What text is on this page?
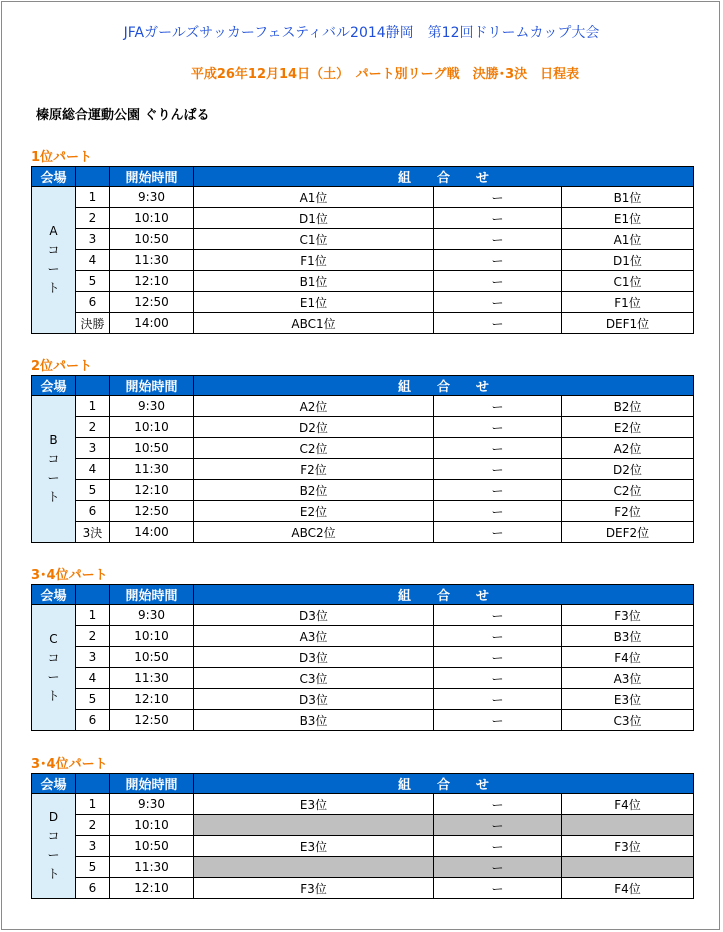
JFAガールズサッカーフェスティバル2014静岡　第12回ドリームカップ大会
平成26年12月14日（土）　パート別リーグ戦　決勝･3決　日程表
榛原総合運動公園 ぐりんぱる
1位パート
会場		開始時間	組　　合　　せ		

A
コ
ー
ト	1	9:30	A1位	ー	B1位
	2	10:10	D1位	ー	E1位
	3	10:50	C1位	ー	A1位
	4	11:30	F1位	ー	D1位
	5	12:10	B1位	ー	C1位
	6	12:50	E1位	ー	F1位
	決勝	14:00	ABC1位	ー	DEF1位
2位パート
会場		開始時間	組　　合　　せ		

B
コ
ー
ト	1	9:30	A2位	ー	B2位
	2	10:10	D2位	ー	E2位
	3	10:50	C2位	ー	A2位
	4	11:30	F2位	ー	D2位
	5	12:10	B2位	ー	C2位
	6	12:50	E2位	ー	F2位
	3決	14:00	ABC2位	ー	DEF2位
3･4位パート
会場		開始時間	組　　合　　せ		

C
コ
ー
ト	1	9:30	D3位	ー	F3位
	2	10:10	A3位	ー	B3位
	3	10:50	D3位	ー	F4位
	4	11:30	C3位	ー	A3位
	5	12:10	D3位	ー	E3位
	6	12:50	B3位	ー	C3位
3･4位パート
会場		開始時間	組　　合　　せ		

D
コ
ー
ト	1	9:30	E3位	ー	F4位
	2	10:10		ー	
	3	10:50	E3位	ー	F3位
	5	11:30		ー	
	6	12:10	F3位	ー	F4位
